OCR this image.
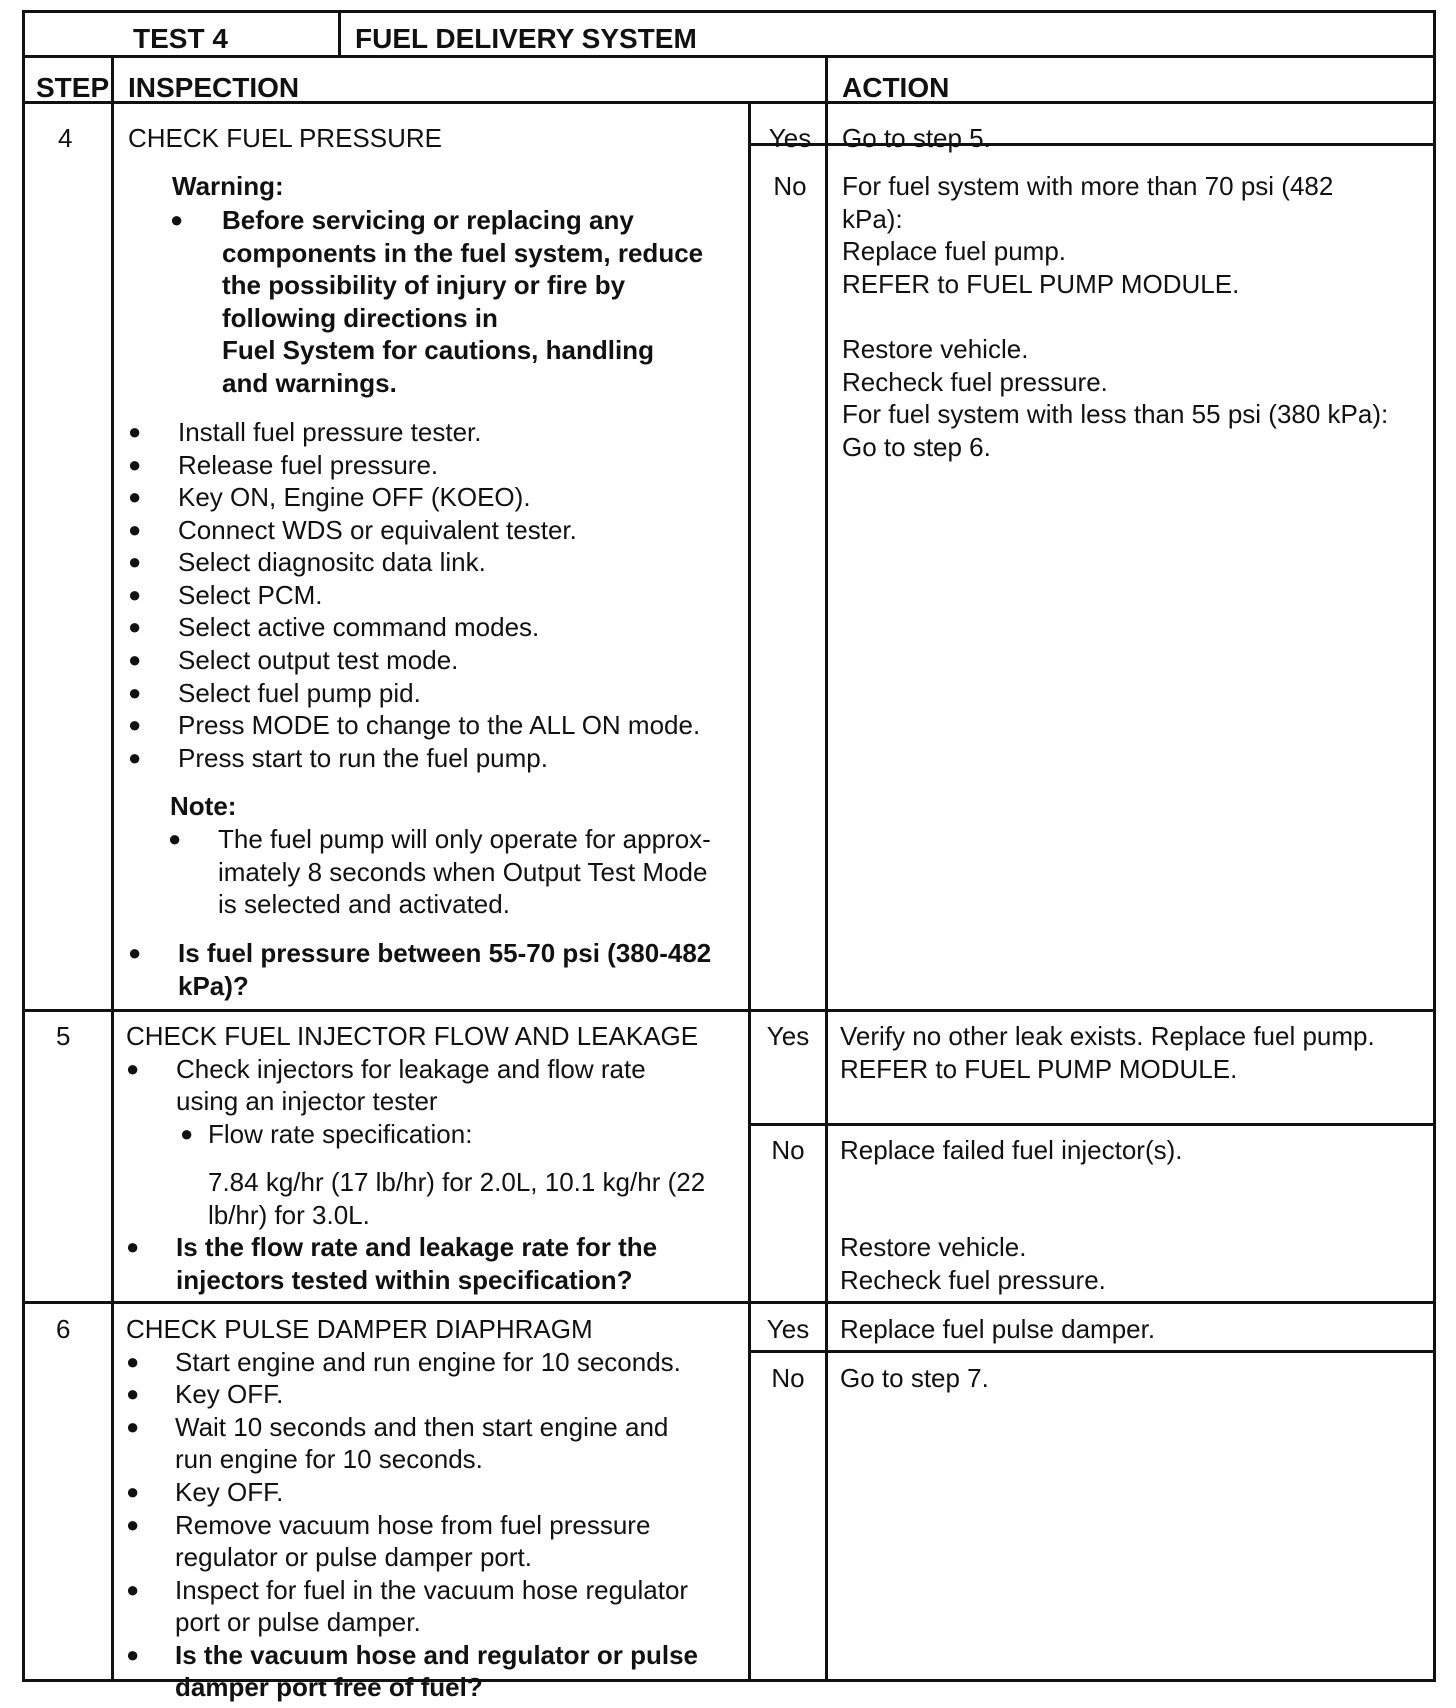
TEST 4	FUEL DELIVERY SYSTEM
STEP INSPECTION	ACTION
4 CHECK FUEL PRESSURE
Warning:
● Before servicing or replacing any
components in the fuel system, reduce
the possibility of injury or fire by
following directions in
Fuel System for cautions, handling
and warnings.
● Install fuel pressure tester.
● Release fuel pressure.
● Key ON, Engine OFF (KOEO).
● Connect WDS or equivalent tester.
● Select diagnositc data link.
● Select PCM.
● Select active command modes.
● Select output test mode.
● Select fuel pump pid.
● Press MODE to change to the ALL ON mode.
● Press start to run the fuel pump.
Note:
● The fuel pump will only operate for approx-
imately 8 seconds when Output Test Mode
is selected and activated.
● Is fuel pressure between 55-70 psi (380-482
kPa)?
Yes
No
Go to step 5.
For fuel system with more than 70 psi (482
kPa):
Replace fuel pump.
REFER to FUEL PUMP MODULE.
Restore vehicle.
Recheck fuel pressure.
For fuel system with less than 55 psi (380 kPa):
Go to step 6.
5 CHECK FUEL INJECTOR FLOW AND LEAKAGE
● Check injectors for leakage and flow rate
using an injector tester
● Flow rate specification:
7.84 kg/hr (17 lb/hr) for 2.0L, 10.1 kg/hr (22
lb/hr) for 3.0L.
● Is the flow rate and leakage rate for the
injectors tested within specification?
Yes
No
Verify no other leak exists. Replace fuel pump.
REFER to FUEL PUMP MODULE.
Replace failed fuel injector(s).
Restore vehicle.
Recheck fuel pressure.
6 CHECK PULSE DAMPER DIAPHRAGM
● Start engine and run engine for 10 seconds.
● Key OFF.
● Wait 10 seconds and then start engine and
run engine for 10 seconds.
● Key OFF.
● Remove vacuum hose from fuel pressure
regulator or pulse damper port.
● Inspect for fuel in the vacuum hose regulator
port or pulse damper.
● Is the vacuum hose and regulator or pulse
damper port free of fuel?
Yes
No
Replace fuel pulse damper.
Go to step 7.
